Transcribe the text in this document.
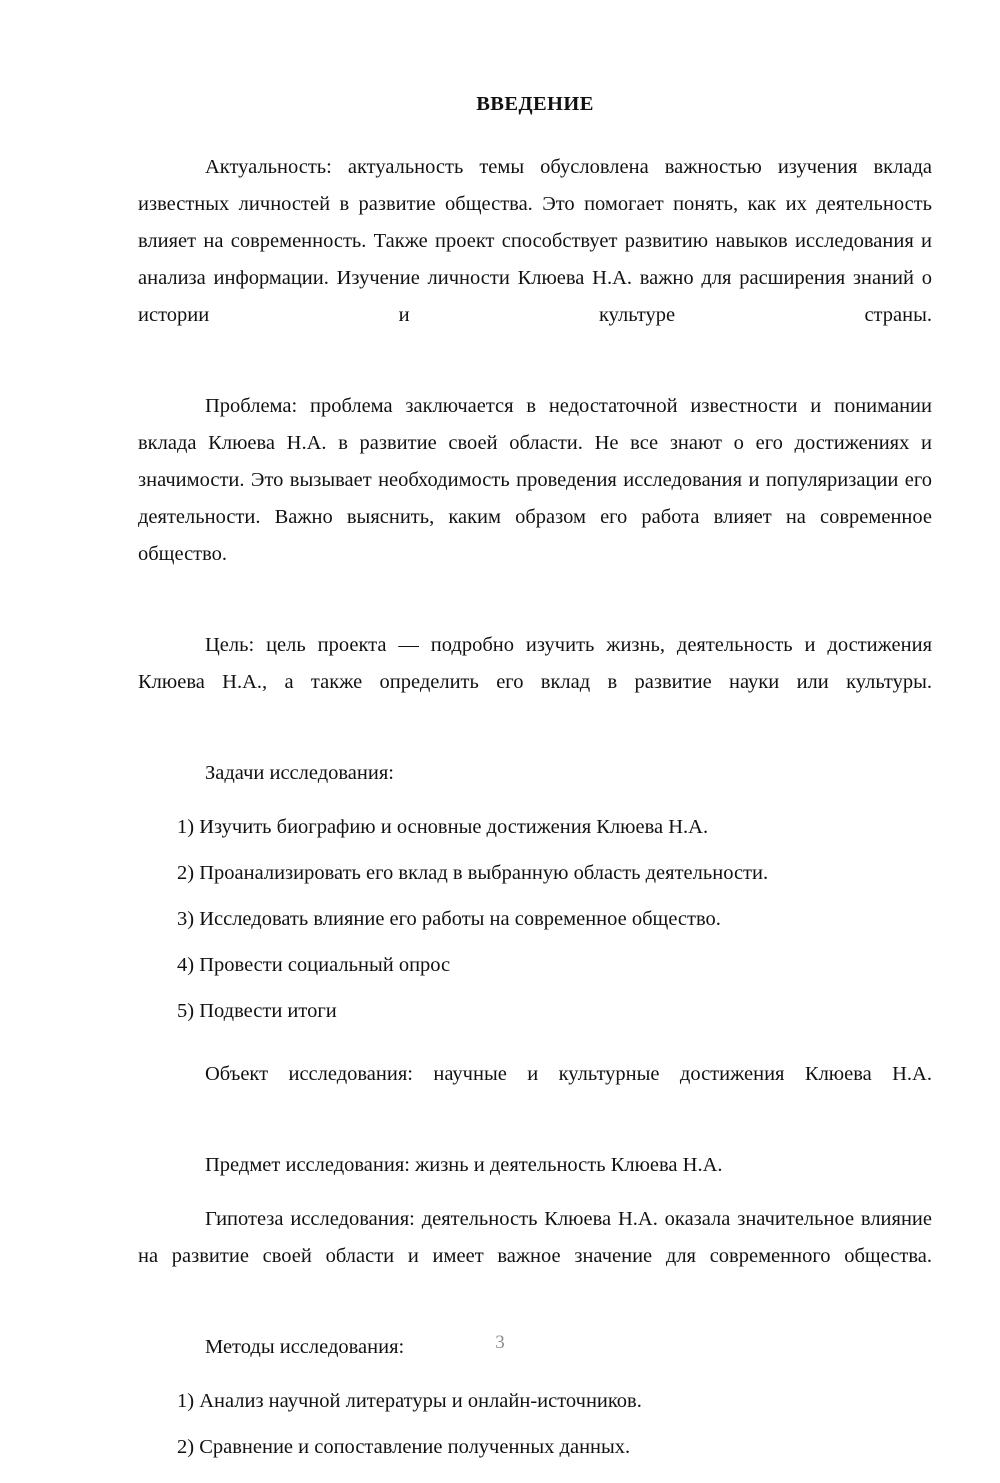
ВВЕДЕНИЕ

Актуальность: актуальность темы обусловлена важностью изучения вклада известных личностей в развитие общества. Это помогает понять, как их деятельность влияет на современность. Также проект способствует развитию навыков исследования и анализа информации. Изучение личности Клюева Н.А. важно для расширения знаний о истории и культуре страны.

Проблема: проблема заключается в недостаточной известности и понимании вклада Клюева Н.А. в развитие своей области. Не все знают о его достижениях и значимости. Это вызывает необходимость проведения исследования и популяризации его деятельности. Важно выяснить, каким образом его работа влияет на современное общество.

Цель: цель проекта — подробно изучить жизнь, деятельность и достижения Клюева Н.А., а также определить его вклад в развитие науки или культуры.

Задачи исследования:

1) Изучить биографию и основные достижения Клюева Н.А.
2) Проанализировать его вклад в выбранную область деятельности.
3) Исследовать влияние его работы на современное общество.
4) Провести социальный опрос
5) Подвести итоги

Объект исследования: научные и культурные достижения Клюева Н.А.

Предмет исследования: жизнь и деятельность Клюева Н.А.

Гипотеза исследования: деятельность Клюева Н.А. оказала значительное влияние на развитие своей области и имеет важное значение для современного общества.

Методы исследования:

1) Анализ научной литературы и онлайн-источников.
2) Сравнение и сопоставление полученных данных.
3
